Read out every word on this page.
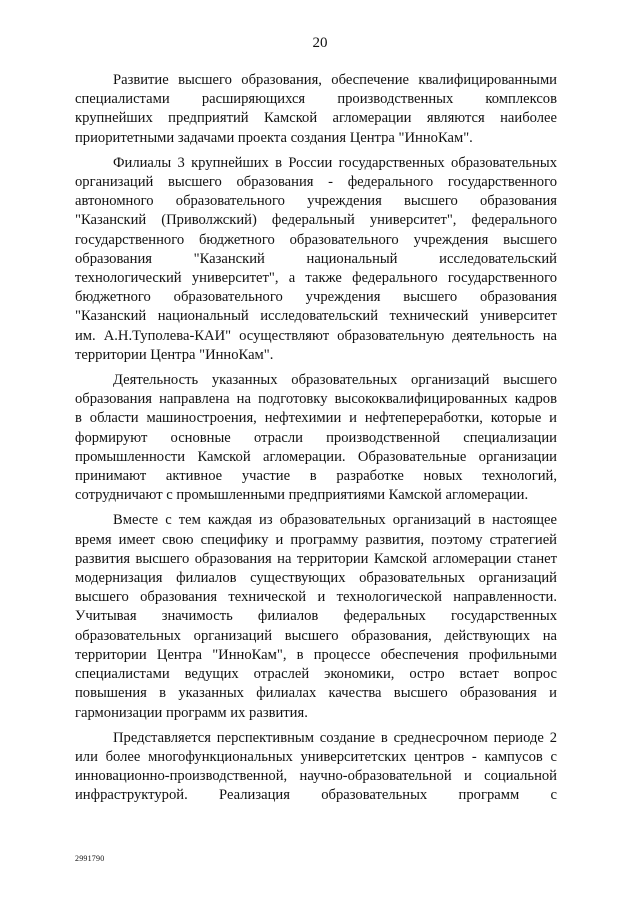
20

Развитие высшего образования, обеспечение квалифицированными
специалистами расширяющихся производственных комплексов
крупнейших предприятий Камской агломерации являются наиболее
приоритетными задачами проекта создания Центра "ИнноКам".

Филиалы 3 крупнейших в России государственных образовательных
организаций высшего образования - федерального государственного
автономного образовательного учреждения высшего образования
"Казанский (Приволжский) федеральный университет", федерального
государственного бюджетного образовательного учреждения высшего
образования "Казанский национальный исследовательский
технологический университет", а также федерального государственного
бюджетного образовательного учреждения высшего образования
"Казанский национальный исследовательский технический университет
им. А.Н.Туполева-КАИ" осуществляют образовательную деятельность на
территории Центра "ИнноКам".

Деятельность указанных образовательных организаций высшего
образования направлена на подготовку высококвалифицированных кадров
в области машиностроения, нефтехимии и нефтепереработки, которые и
формируют основные отрасли производственной специализации
промышленности Камской агломерации. Образовательные организации
принимают активное участие в разработке новых технологий,
сотрудничают с промышленными предприятиями Камской агломерации.

Вместе с тем каждая из образовательных организаций в настоящее
время имеет свою специфику и программу развития, поэтому стратегией
развития высшего образования на территории Камской агломерации станет
модернизация филиалов существующих образовательных организаций
высшего образования технической и технологической направленности.
Учитывая значимость филиалов федеральных государственных
образовательных организаций высшего образования, действующих на
территории Центра "ИнноКам", в процессе обеспечения профильными
специалистами ведущих отраслей экономики, остро встает вопрос
повышения в указанных филиалах качества высшего образования и
гармонизации программ их развития.

Представляется перспективным создание в среднесрочном периоде 2
или более многофункциональных университетских центров - кампусов с
инновационно-производственной, научно-образовательной и социальной
инфраструктурой. Реализация образовательных программ с

2991790
